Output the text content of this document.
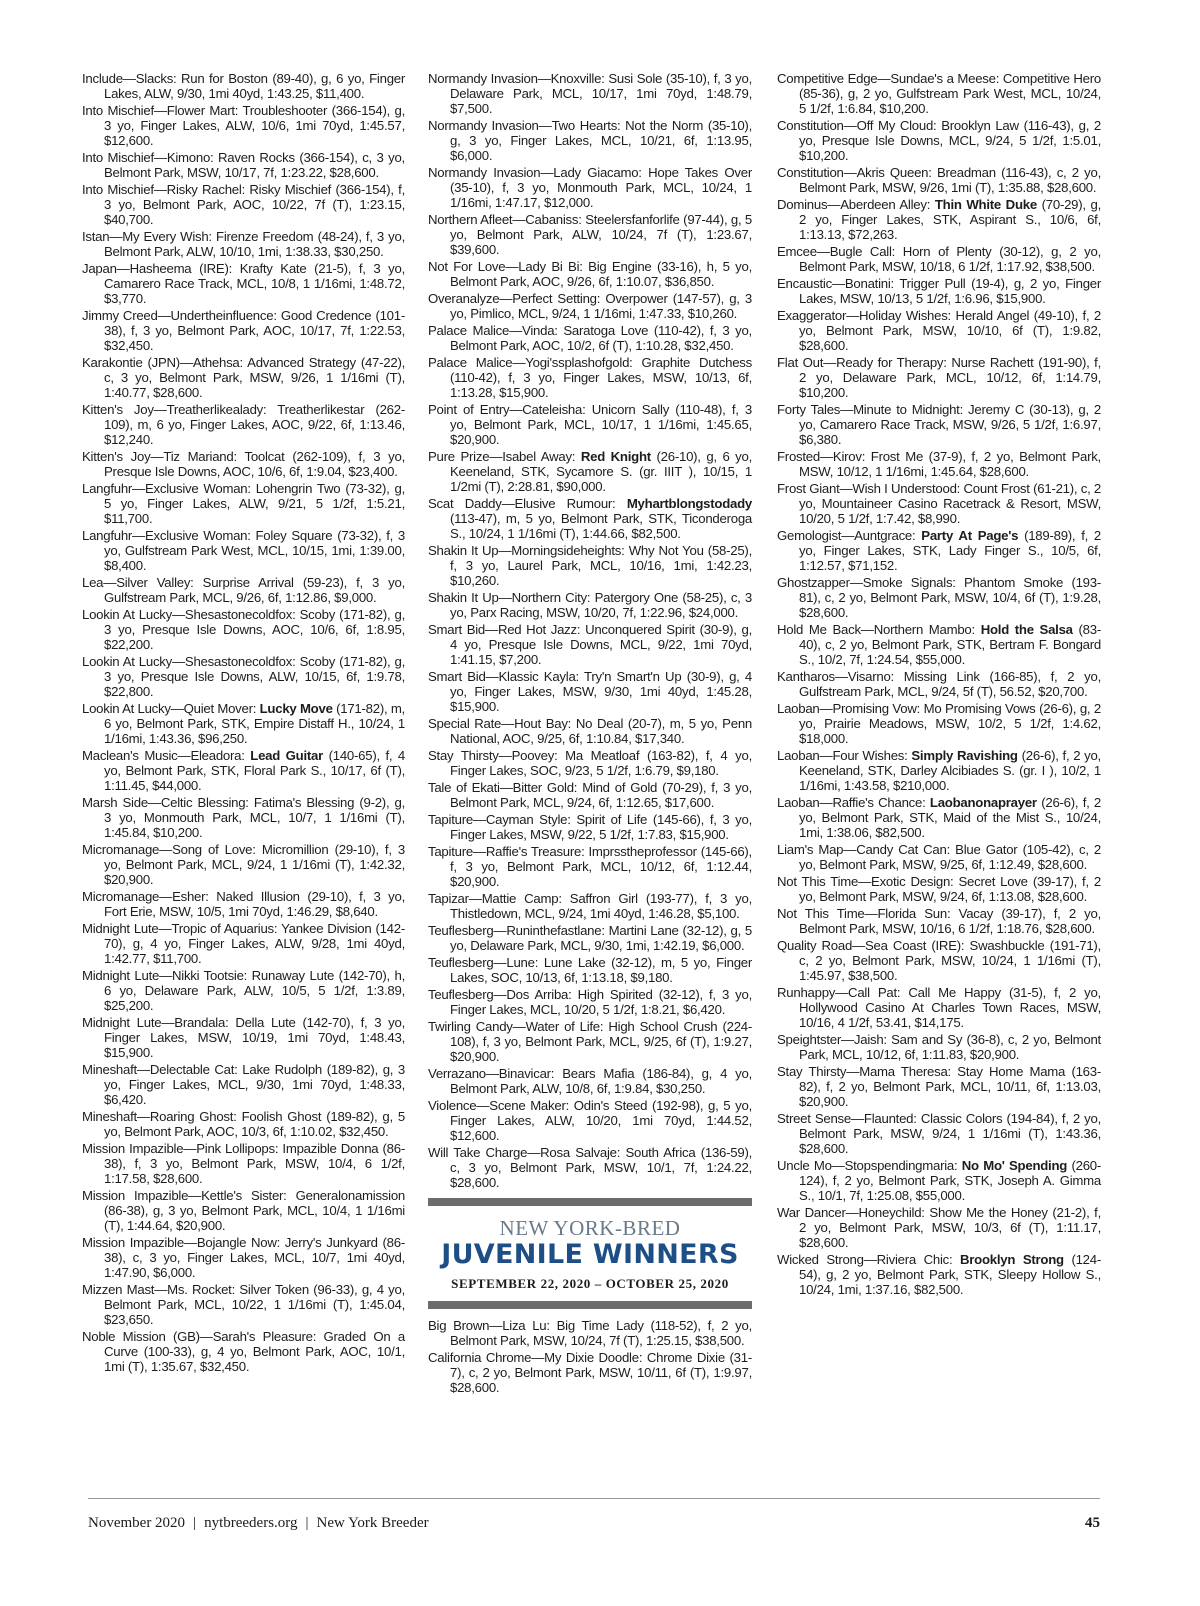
Include—Slacks: Run for Boston (89-40), g, 6 yo, Finger Lakes, ALW, 9/30, 1mi 40yd, 1:43.25, $11,400.
Into Mischief—Flower Mart: Troubleshooter (366-154), g, 3 yo, Finger Lakes, ALW, 10/6, 1mi 70yd, 1:45.57, $12,600.
Into Mischief—Kimono: Raven Rocks (366-154), c, 3 yo, Belmont Park, MSW, 10/17, 7f, 1:23.22, $28,600.
Into Mischief—Risky Rachel: Risky Mischief (366-154), f, 3 yo, Belmont Park, AOC, 10/22, 7f (T), 1:23.15, $40,700.
Istan—My Every Wish: Firenze Freedom (48-24), f, 3 yo, Belmont Park, ALW, 10/10, 1mi, 1:38.33, $30,250.
Japan—Hasheema (IRE): Krafty Kate (21-5), f, 3 yo, Camarero Race Track, MCL, 10/8, 1 1/16mi, 1:48.72, $3,770.
Jimmy Creed—Undertheinfluence: Good Credence (101-38), f, 3 yo, Belmont Park, AOC, 10/17, 7f, 1:22.53, $32,450.
Karakontie (JPN)—Athehsa: Advanced Strategy (47-22), c, 3 yo, Belmont Park, MSW, 9/26, 1 1/16mi (T), 1:40.77, $28,600.
Kitten's Joy—Treatherlikealady: Treatherlikestar (262-109), m, 6 yo, Finger Lakes, AOC, 9/22, 6f, 1:13.46, $12,240.
Kitten's Joy—Tiz Mariand: Toolcat (262-109), f, 3 yo, Presque Isle Downs, AOC, 10/6, 6f, 1:9.04, $23,400.
Langfuhr—Exclusive Woman: Lohengrin Two (73-32), g, 5 yo, Finger Lakes, ALW, 9/21, 5 1/2f, 1:5.21, $11,700.
Langfuhr—Exclusive Woman: Foley Square (73-32), f, 3 yo, Gulfstream Park West, MCL, 10/15, 1mi, 1:39.00, $8,400.
Lea—Silver Valley: Surprise Arrival (59-23), f, 3 yo, Gulfstream Park, MCL, 9/26, 6f, 1:12.86, $9,000.
Lookin At Lucky—Shesastonecoldfox: Scoby (171-82), g, 3 yo, Presque Isle Downs, AOC, 10/6, 6f, 1:8.95, $22,200.
Lookin At Lucky—Shesastonecoldfox: Scoby (171-82), g, 3 yo, Presque Isle Downs, ALW, 10/15, 6f, 1:9.78, $22,800.
Lookin At Lucky—Quiet Mover: Lucky Move (171-82), m, 6 yo, Belmont Park, STK, Empire Distaff H., 10/24, 1 1/16mi, 1:43.36, $96,250.
Maclean's Music—Eleadora: Lead Guitar (140-65), f, 4 yo, Belmont Park, STK, Floral Park S., 10/17, 6f (T), 1:11.45, $44,000.
Marsh Side—Celtic Blessing: Fatima's Blessing (9-2), g, 3 yo, Monmouth Park, MCL, 10/7, 1 1/16mi (T), 1:45.84, $10,200.
Micromanage—Song of Love: Micromillion (29-10), f, 3 yo, Belmont Park, MCL, 9/24, 1 1/16mi (T), 1:42.32, $20,900.
Micromanage—Esher: Naked Illusion (29-10), f, 3 yo, Fort Erie, MSW, 10/5, 1mi 70yd, 1:46.29, $8,640.
Midnight Lute—Tropic of Aquarius: Yankee Division (142-70), g, 4 yo, Finger Lakes, ALW, 9/28, 1mi 40yd, 1:42.77, $11,700.
Midnight Lute—Nikki Tootsie: Runaway Lute (142-70), h, 6 yo, Delaware Park, ALW, 10/5, 5 1/2f, 1:3.89, $25,200.
Midnight Lute—Brandala: Della Lute (142-70), f, 3 yo, Finger Lakes, MSW, 10/19, 1mi 70yd, 1:48.43, $15,900.
Mineshaft—Delectable Cat: Lake Rudolph (189-82), g, 3 yo, Finger Lakes, MCL, 9/30, 1mi 70yd, 1:48.33, $6,420.
Mineshaft—Roaring Ghost: Foolish Ghost (189-82), g, 5 yo, Belmont Park, AOC, 10/3, 6f, 1:10.02, $32,450.
Mission Impazible—Pink Lollipops: Impazible Donna (86-38), f, 3 yo, Belmont Park, MSW, 10/4, 6 1/2f, 1:17.58, $28,600.
Mission Impazible—Kettle's Sister: Generalonamission (86-38), g, 3 yo, Belmont Park, MCL, 10/4, 1 1/16mi (T), 1:44.64, $20,900.
Mission Impazible—Bojangle Now: Jerry's Junkyard (86-38), c, 3 yo, Finger Lakes, MCL, 10/7, 1mi 40yd, 1:47.90, $6,000.
Mizzen Mast—Ms. Rocket: Silver Token (96-33), g, 4 yo, Belmont Park, MCL, 10/22, 1 1/16mi (T), 1:45.04, $23,650.
Noble Mission (GB)—Sarah's Pleasure: Graded On a Curve (100-33), g, 4 yo, Belmont Park, AOC, 10/1, 1mi (T), 1:35.67, $32,450.
Normandy Invasion—Knoxville: Susi Sole (35-10), f, 3 yo, Delaware Park, MCL, 10/17, 1mi 70yd, 1:48.79, $7,500.
Normandy Invasion—Two Hearts: Not the Norm (35-10), g, 3 yo, Finger Lakes, MCL, 10/21, 6f, 1:13.95, $6,000.
Normandy Invasion—Lady Giacamo: Hope Takes Over (35-10), f, 3 yo, Monmouth Park, MCL, 10/24, 1 1/16mi, 1:47.17, $12,000.
Northern Afleet—Cabaniss: Steelersfanforlife (97-44), g, 5 yo, Belmont Park, ALW, 10/24, 7f (T), 1:23.67, $39,600.
Not For Love—Lady Bi Bi: Big Engine (33-16), h, 5 yo, Belmont Park, AOC, 9/26, 6f, 1:10.07, $36,850.
Overanalyze—Perfect Setting: Overpower (147-57), g, 3 yo, Pimlico, MCL, 9/24, 1 1/16mi, 1:47.33, $10,260.
Palace Malice—Vinda: Saratoga Love (110-42), f, 3 yo, Belmont Park, AOC, 10/2, 6f (T), 1:10.28, $32,450.
Palace Malice—Yogi'ssplashofgold: Graphite Dutchess (110-42), f, 3 yo, Finger Lakes, MSW, 10/13, 6f, 1:13.28, $15,900.
Point of Entry—Cateleisha: Unicorn Sally (110-48), f, 3 yo, Belmont Park, MCL, 10/17, 1 1/16mi, 1:45.65, $20,900.
Pure Prize—Isabel Away: Red Knight (26-10), g, 6 yo, Keeneland, STK, Sycamore S. (gr. IIIT ), 10/15, 1 1/2mi (T), 2:28.81, $90,000.
Scat Daddy—Elusive Rumour: Myhartblongstodady (113-47), m, 5 yo, Belmont Park, STK, Ticonderoga S., 10/24, 1 1/16mi (T), 1:44.66, $82,500.
Shakin It Up—Morningsideheights: Why Not You (58-25), f, 3 yo, Laurel Park, MCL, 10/16, 1mi, 1:42.23, $10,260.
Shakin It Up—Northern City: Patergory One (58-25), c, 3 yo, Parx Racing, MSW, 10/20, 7f, 1:22.96, $24,000.
Smart Bid—Red Hot Jazz: Unconquered Spirit (30-9), g, 4 yo, Presque Isle Downs, MCL, 9/22, 1mi 70yd, 1:41.15, $7,200.
Smart Bid—Klassic Kayla: Try'n Smart'n Up (30-9), g, 4 yo, Finger Lakes, MSW, 9/30, 1mi 40yd, 1:45.28, $15,900.
Special Rate—Hout Bay: No Deal (20-7), m, 5 yo, Penn National, AOC, 9/25, 6f, 1:10.84, $17,340.
Stay Thirsty—Poovey: Ma Meatloaf (163-82), f, 4 yo, Finger Lakes, SOC, 9/23, 5 1/2f, 1:6.79, $9,180.
Tale of Ekati—Bitter Gold: Mind of Gold (70-29), f, 3 yo, Belmont Park, MCL, 9/24, 6f, 1:12.65, $17,600.
Tapiture—Cayman Style: Spirit of Life (145-66), f, 3 yo, Finger Lakes, MSW, 9/22, 5 1/2f, 1:7.83, $15,900.
Tapiture—Raffie's Treasure: Imprsstheprofessor (145-66), f, 3 yo, Belmont Park, MCL, 10/12, 6f, 1:12.44, $20,900.
Tapizar—Mattie Camp: Saffron Girl (193-77), f, 3 yo, Thistledown, MCL, 9/24, 1mi 40yd, 1:46.28, $5,100.
Teuflesberg—Runinthefastlane: Martini Lane (32-12), g, 5 yo, Delaware Park, MCL, 9/30, 1mi, 1:42.19, $6,000.
Teuflesberg—Lune: Lune Lake (32-12), m, 5 yo, Finger Lakes, SOC, 10/13, 6f, 1:13.18, $9,180.
Teuflesberg—Dos Arriba: High Spirited (32-12), f, 3 yo, Finger Lakes, MCL, 10/20, 5 1/2f, 1:8.21, $6,420.
Twirling Candy—Water of Life: High School Crush (224-108), f, 3 yo, Belmont Park, MCL, 9/25, 6f (T), 1:9.27, $20,900.
Verrazano—Binavicar: Bears Mafia (186-84), g, 4 yo, Belmont Park, ALW, 10/8, 6f, 1:9.84, $30,250.
Violence—Scene Maker: Odin's Steed (192-98), g, 5 yo, Finger Lakes, ALW, 10/20, 1mi 70yd, 1:44.52, $12,600.
Will Take Charge—Rosa Salvaje: South Africa (136-59), c, 3 yo, Belmont Park, MSW, 10/1, 7f, 1:24.22, $28,600.
NEW YORK-BRED
JUVENILE WINNERS
SEPTEMBER 22, 2020 – OCTOBER 25, 2020
Big Brown—Liza Lu: Big Time Lady (118-52), f, 2 yo, Belmont Park, MSW, 10/24, 7f (T), 1:25.15, $38,500.
California Chrome—My Dixie Doodle: Chrome Dixie (31-7), c, 2 yo, Belmont Park, MSW, 10/11, 6f (T), 1:9.97, $28,600.
Competitive Edge—Sundae's a Meese: Competitive Hero (85-36), g, 2 yo, Gulfstream Park West, MCL, 10/24, 5 1/2f, 1:6.84, $10,200.
Constitution—Off My Cloud: Brooklyn Law (116-43), g, 2 yo, Presque Isle Downs, MCL, 9/24, 5 1/2f, 1:5.01, $10,200.
Constitution—Akris Queen: Breadman (116-43), c, 2 yo, Belmont Park, MSW, 9/26, 1mi (T), 1:35.88, $28,600.
Dominus—Aberdeen Alley: Thin White Duke (70-29), g, 2 yo, Finger Lakes, STK, Aspirant S., 10/6, 6f, 1:13.13, $72,263.
Emcee—Bugle Call: Horn of Plenty (30-12), g, 2 yo, Belmont Park, MSW, 10/18, 6 1/2f, 1:17.92, $38,500.
Encaustic—Bonatini: Trigger Pull (19-4), g, 2 yo, Finger Lakes, MSW, 10/13, 5 1/2f, 1:6.96, $15,900.
Exaggerator—Holiday Wishes: Herald Angel (49-10), f, 2 yo, Belmont Park, MSW, 10/10, 6f (T), 1:9.82, $28,600.
Flat Out—Ready for Therapy: Nurse Rachett (191-90), f, 2 yo, Delaware Park, MCL, 10/12, 6f, 1:14.79, $10,200.
Forty Tales—Minute to Midnight: Jeremy C (30-13), g, 2 yo, Camarero Race Track, MSW, 9/26, 5 1/2f, 1:6.97, $6,380.
Frosted—Kirov: Frost Me (37-9), f, 2 yo, Belmont Park, MSW, 10/12, 1 1/16mi, 1:45.64, $28,600.
Frost Giant—Wish I Understood: Count Frost (61-21), c, 2 yo, Mountaineer Casino Racetrack & Resort, MSW, 10/20, 5 1/2f, 1:7.42, $8,990.
Gemologist—Auntgrace: Party At Page's (189-89), f, 2 yo, Finger Lakes, STK, Lady Finger S., 10/5, 6f, 1:12.57, $71,152.
Ghostzapper—Smoke Signals: Phantom Smoke (193-81), c, 2 yo, Belmont Park, MSW, 10/4, 6f (T), 1:9.28, $28,600.
Hold Me Back—Northern Mambo: Hold the Salsa (83-40), c, 2 yo, Belmont Park, STK, Bertram F. Bongard S., 10/2, 7f, 1:24.54, $55,000.
Kantharos—Visarno: Missing Link (166-85), f, 2 yo, Gulfstream Park, MCL, 9/24, 5f (T), 56.52, $20,700.
Laoban—Promising Vow: Mo Promising Vows (26-6), g, 2 yo, Prairie Meadows, MSW, 10/2, 5 1/2f, 1:4.62, $18,000.
Laoban—Four Wishes: Simply Ravishing (26-6), f, 2 yo, Keeneland, STK, Darley Alcibiades S. (gr. I ), 10/2, 1 1/16mi, 1:43.58, $210,000.
Laoban—Raffie's Chance: Laobanonaprayer (26-6), f, 2 yo, Belmont Park, STK, Maid of the Mist S., 10/24, 1mi, 1:38.06, $82,500.
Liam's Map—Candy Cat Can: Blue Gator (105-42), c, 2 yo, Belmont Park, MSW, 9/25, 6f, 1:12.49, $28,600.
Not This Time—Exotic Design: Secret Love (39-17), f, 2 yo, Belmont Park, MSW, 9/24, 6f, 1:13.08, $28,600.
Not This Time—Florida Sun: Vacay (39-17), f, 2 yo, Belmont Park, MSW, 10/16, 6 1/2f, 1:18.76, $28,600.
Quality Road—Sea Coast (IRE): Swashbuckle (191-71), c, 2 yo, Belmont Park, MSW, 10/24, 1 1/16mi (T), 1:45.97, $38,500.
Runhappy—Call Pat: Call Me Happy (31-5), f, 2 yo, Hollywood Casino At Charles Town Races, MSW, 10/16, 4 1/2f, 53.41, $14,175.
Speightster—Jaish: Sam and Sy (36-8), c, 2 yo, Belmont Park, MCL, 10/12, 6f, 1:11.83, $20,900.
Stay Thirsty—Mama Theresa: Stay Home Mama (163-82), f, 2 yo, Belmont Park, MCL, 10/11, 6f, 1:13.03, $20,900.
Street Sense—Flaunted: Classic Colors (194-84), f, 2 yo, Belmont Park, MSW, 9/24, 1 1/16mi (T), 1:43.36, $28,600.
Uncle Mo—Stopspendingmaria: No Mo' Spending (260-124), f, 2 yo, Belmont Park, STK, Joseph A. Gimma S., 10/1, 7f, 1:25.08, $55,000.
War Dancer—Honeychild: Show Me the Honey (21-2), f, 2 yo, Belmont Park, MSW, 10/3, 6f (T), 1:11.17, $28,600.
Wicked Strong—Riviera Chic: Brooklyn Strong (124-54), g, 2 yo, Belmont Park, STK, Sleepy Hollow S., 10/24, 1mi, 1:37.16, $82,500.
November 2020 | nytbreeders.org | New York Breeder	45
